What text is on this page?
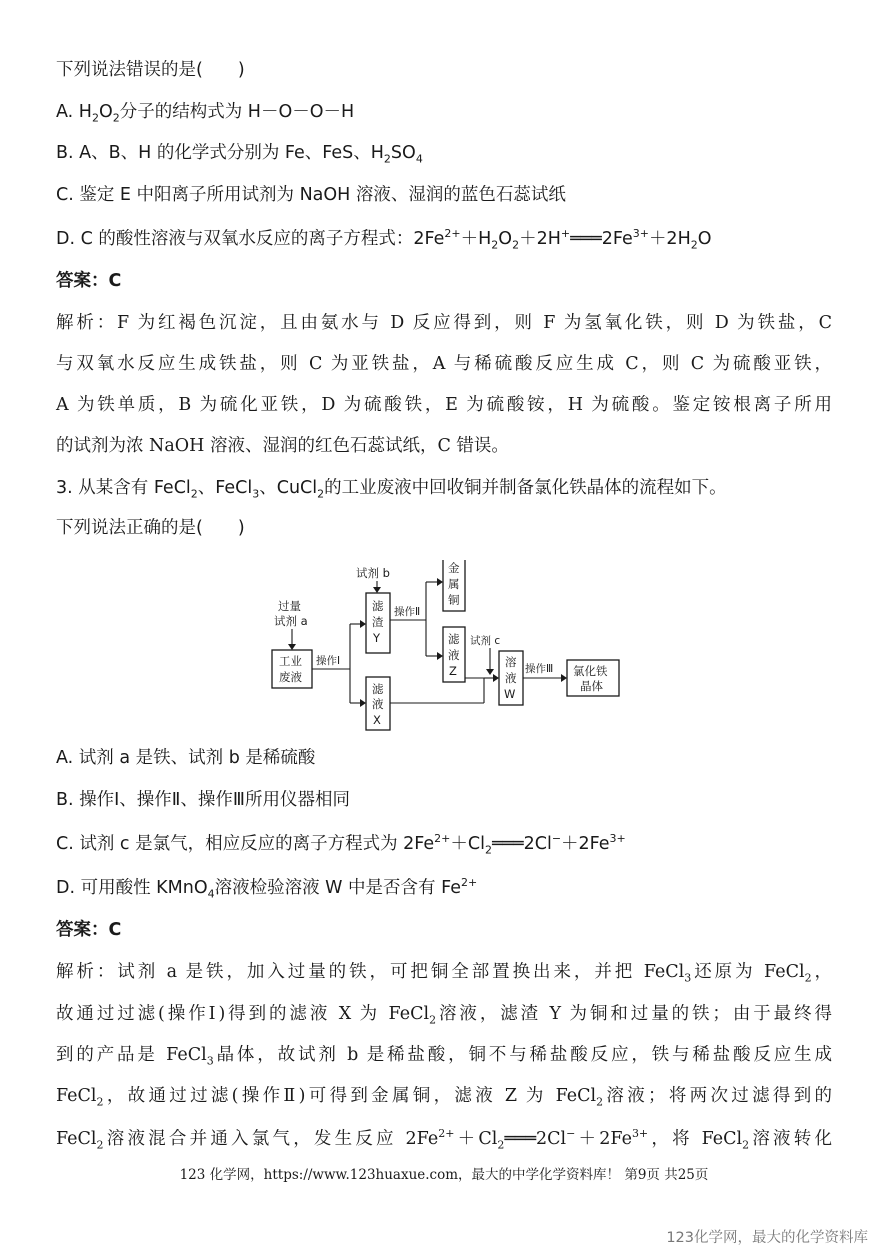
下列说法错误的是(　　)
A. $H_2O_2$分子的结构式为 H－O－O－H
B. A、B、H 的化学式分别为 Fe、FeS、$H_2SO_4$
C. 鉴定 E 中阳离子所用试剂为 NaOH 溶液、湿润的蓝色石蕊试纸
D. C 的酸性溶液与双氧水反应的离子方程式：$2Fe^{2+}+H_2O_2+2H^+═══2Fe^{3+}+2H_2O$
答案：C
解析：F 为红褐色沉淀，且由氨水与 D 反应得到，则 F 为氢氧化铁，则 D 为铁盐，C
与双氧水反应生成铁盐，则 C 为亚铁盐，A 与稀硫酸反应生成 C，则 C 为硫酸亚铁，
A 为铁单质，B 为硫化亚铁，D 为硫酸铁，E 为硫酸铵，H 为硫酸。鉴定铵根离子所用
的试剂为浓 NaOH 溶液、湿润的红色石蕊试纸，C 错误。
3. 从某含有 FeCl$_2$、FeCl$_3$、CuCl$_2$的工业废液中回收铜并制备氯化铁晶体的流程如下。
下列说法正确的是(　　)
过量
试剂 a
工业
废液
操作Ⅰ
试剂 b
滤
渣
Y
滤
液
X
操作Ⅱ
金
属
铜
滤
液
Z
试剂 c
溶
液
W
操作Ⅲ 氯化铁
晶体
A. 试剂 a 是铁、试剂 b 是稀硫酸
B. 操作Ⅰ、操作Ⅱ、操作Ⅲ所用仪器相同
C. 试剂 c 是氯气，相应反应的离子方程式为 $2Fe^{2+}+Cl_2═══2Cl^-+2Fe^{3+}$
D. 可用酸性 KMnO$_4$溶液检验溶液 W 中是否含有 $Fe^{2+}$
答案：C
解析：试剂 a 是铁，加入过量的铁，可把铜全部置换出来，并把 FeCl$_3$还原为 FeCl$_2$，
故通过过滤(操作Ⅰ)得到的滤液 X 为 FeCl$_2$溶液，滤渣 Y 为铜和过量的铁；由于最终得
到的产品是 FeCl$_3$晶体，故试剂 b 是稀盐酸，铜不与稀盐酸反应，铁与稀盐酸反应生成
FeCl$_2$，故通过过滤(操作Ⅱ)可得到金属铜，滤液 Z 为 FeCl$_2$溶液；将两次过滤得到的
FeCl$_2$溶液混合并通入氯气，发生反应 $2Fe^{2+}+Cl_2═══2Cl^-+2Fe^{3+}$，将 FeCl$_2$溶液转化
123 化学网，https://www.123huaxue.com，最大的中学化学资料库！ 第9页 共25页
123化学网，最大的化学资料库
